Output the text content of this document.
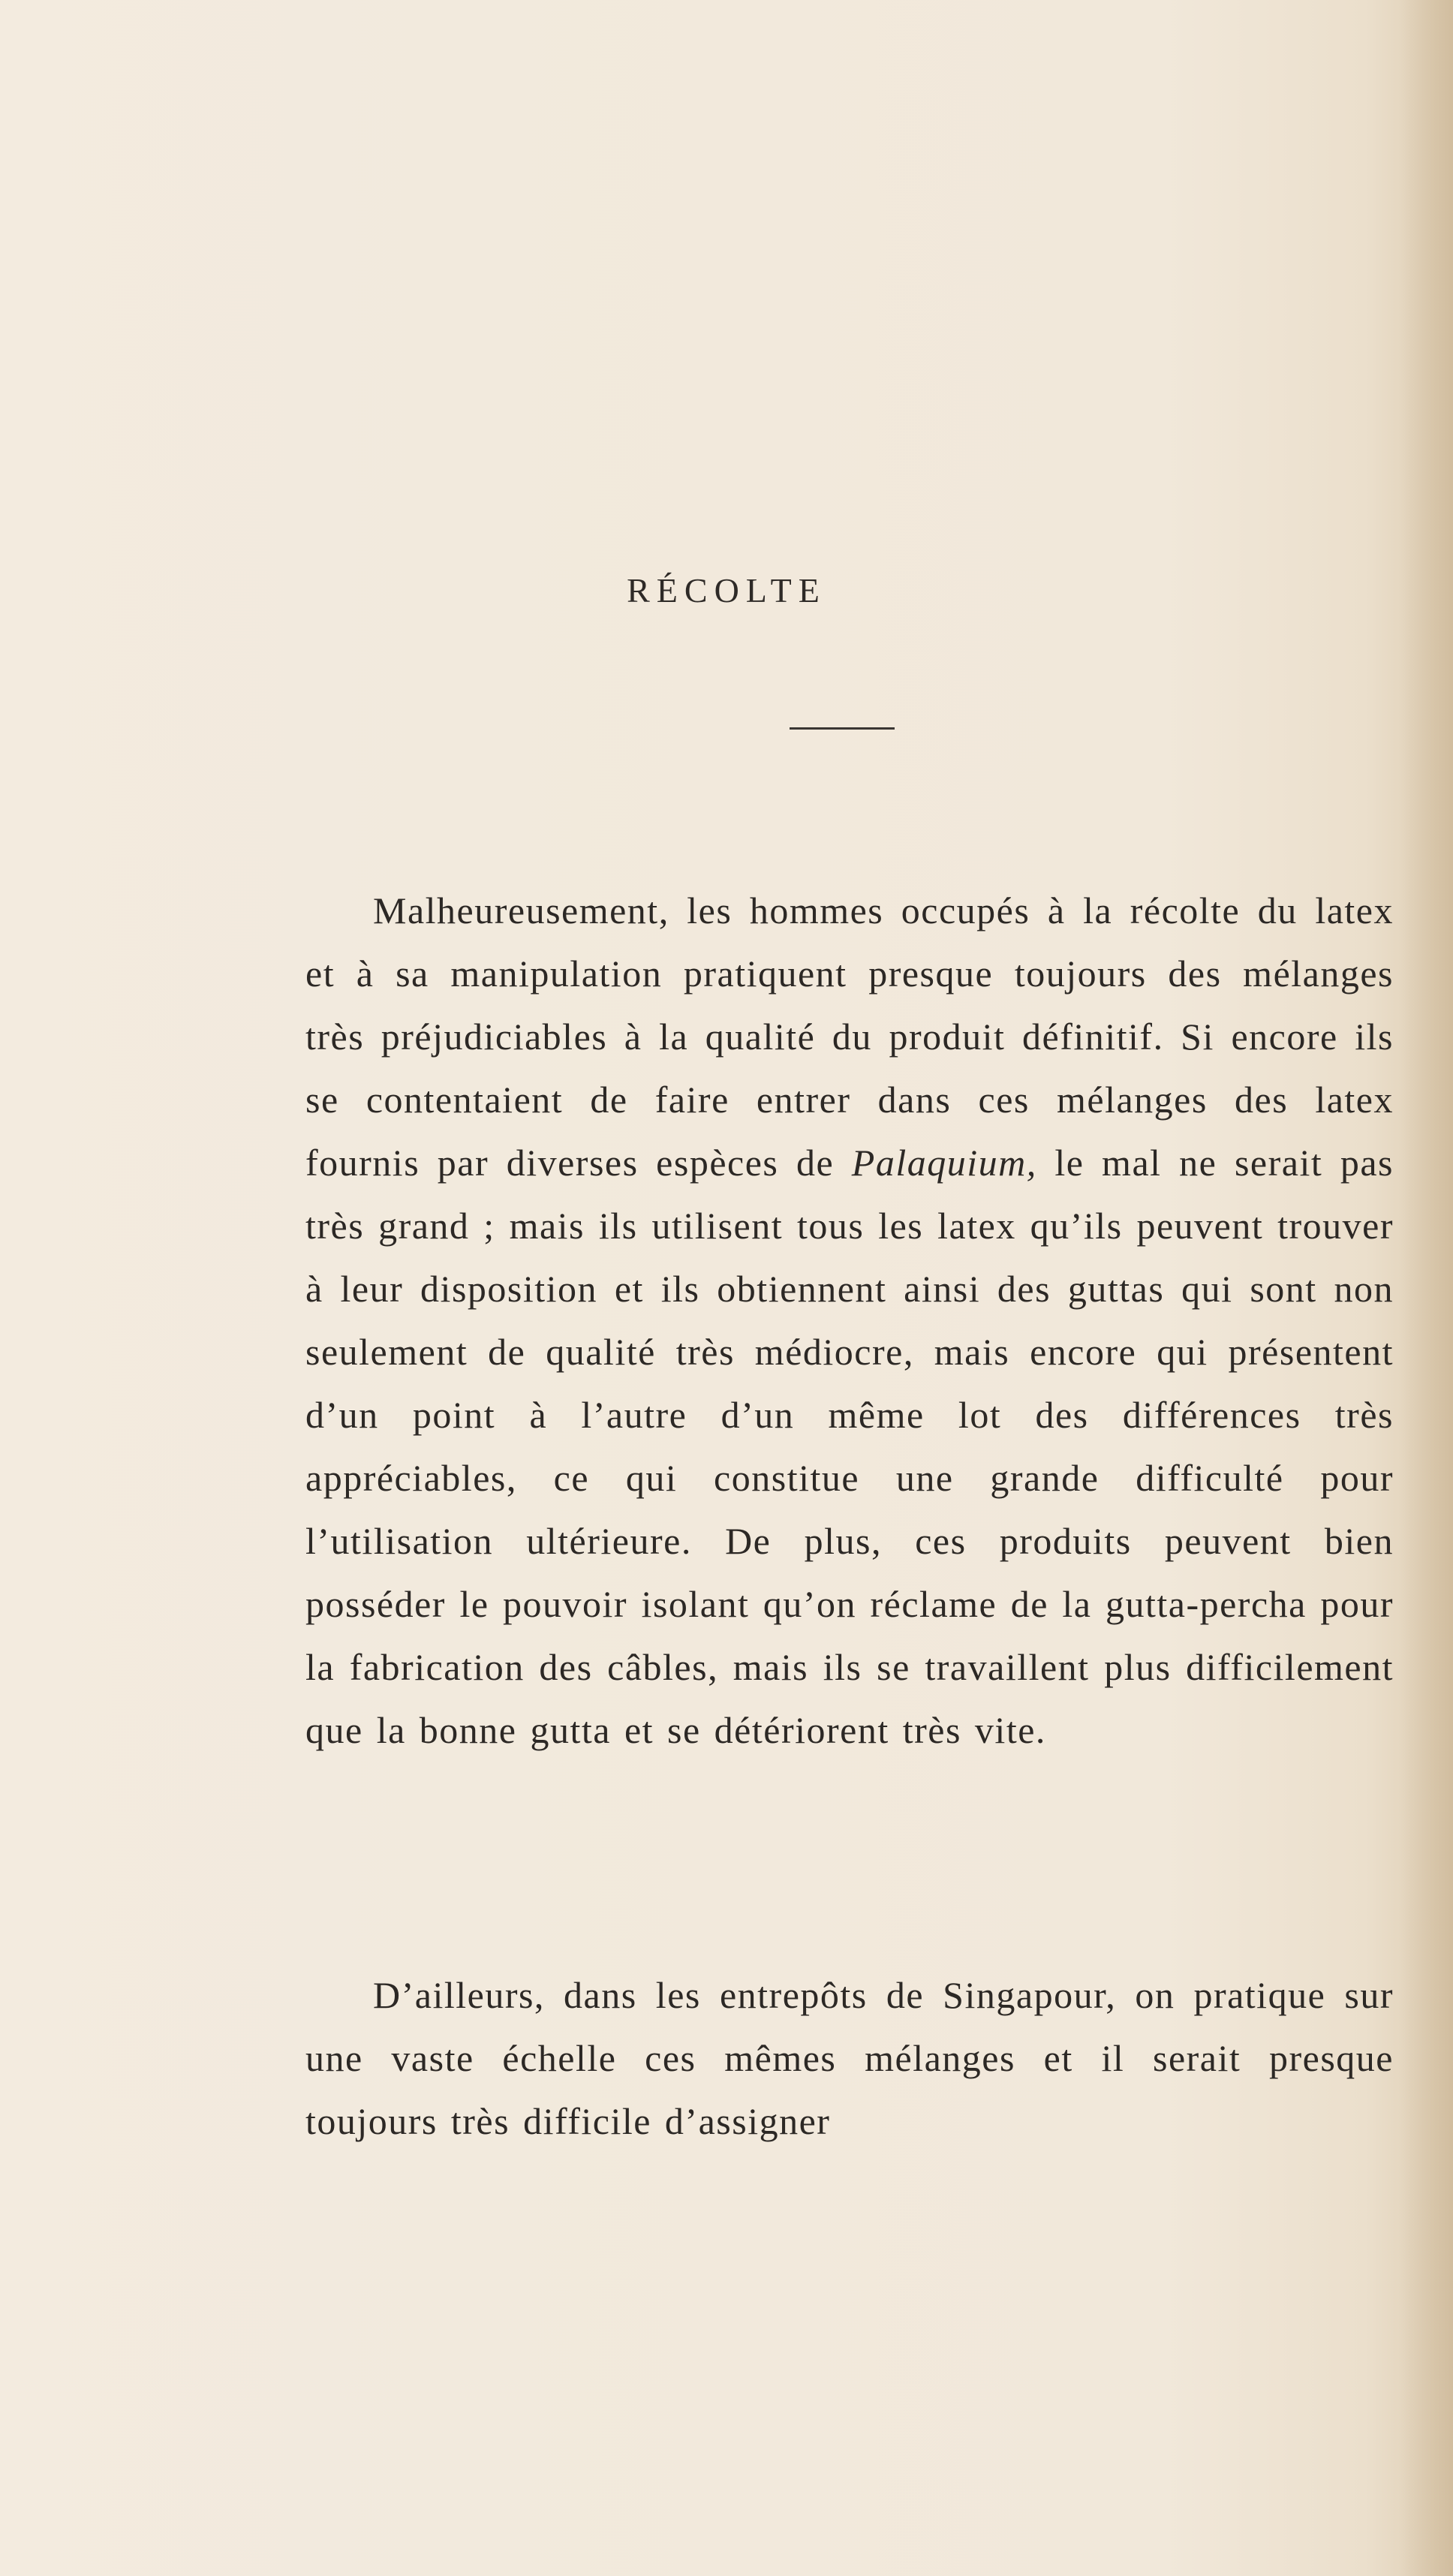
RÉCOLTE

Malheureusement, les hommes occupés à la récolte du latex et à sa manipulation pratiquent presque toujours des mélanges très préjudiciables à la qualité du produit définitif. Si encore ils se contentaient de faire entrer dans ces mélanges des latex fournis par diverses espèces de Palaquium, le mal ne serait pas très grand ; mais ils utilisent tous les latex qu’ils peuvent trouver à leur disposition et ils obtiennent ainsi des guttas qui sont non seulement de qualité très médiocre, mais encore qui présentent d’un point à l’autre d’un même lot des différences très appréciables, ce qui constitue une grande difficulté pour l’utilisation ultérieure. De plus, ces produits peuvent bien posséder le pouvoir isolant qu’on réclame de la gutta-percha pour la fabrication des câbles, mais ils se travaillent plus difficilement que la bonne gutta et se détériorent très vite.

D’ailleurs, dans les entrepôts de Singapour, on pratique sur une vaste échelle ces mêmes mélanges et il serait presque toujours très difficile d’assigner
